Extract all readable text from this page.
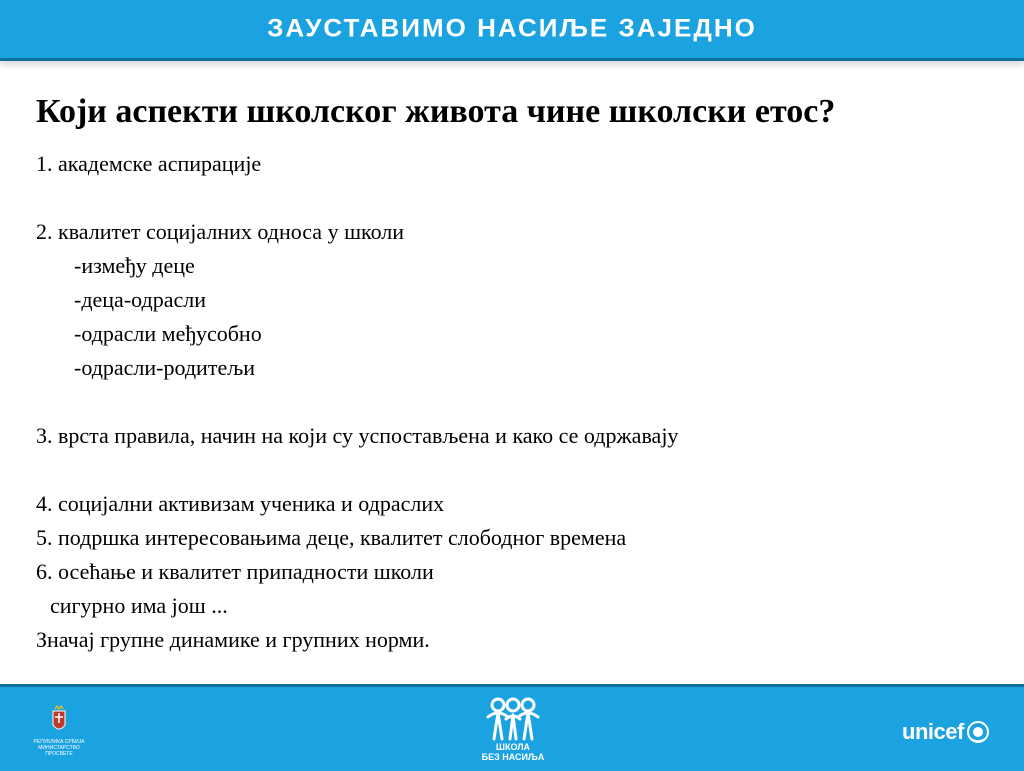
ЗАУСТАВИМО НАСИЉЕ ЗАЈЕДНО
Који аспекти школског живота чине школски етос?
1. академске аспирације
2. квалитет социјалних односа у школи
-између деце
-деца-одрасли
-одрасли међусобно
-одрасли-родитељи
3. врста правила, начин на који су успостављена и како се одржавају
4. социјални активизам ученика и одраслих
5. подршка интересовањима деце, квалитет слободног времена
6. осећање и квалитет припадности школи
сигурно има још ...
Значај групне динамике и групних норми.
РЕПУБЛИКА СРБИЈА МИНИСТАРСТВО ПРОСВЕТЕ
ШКОЛА
БЕЗ НАСИЉА
unicef
